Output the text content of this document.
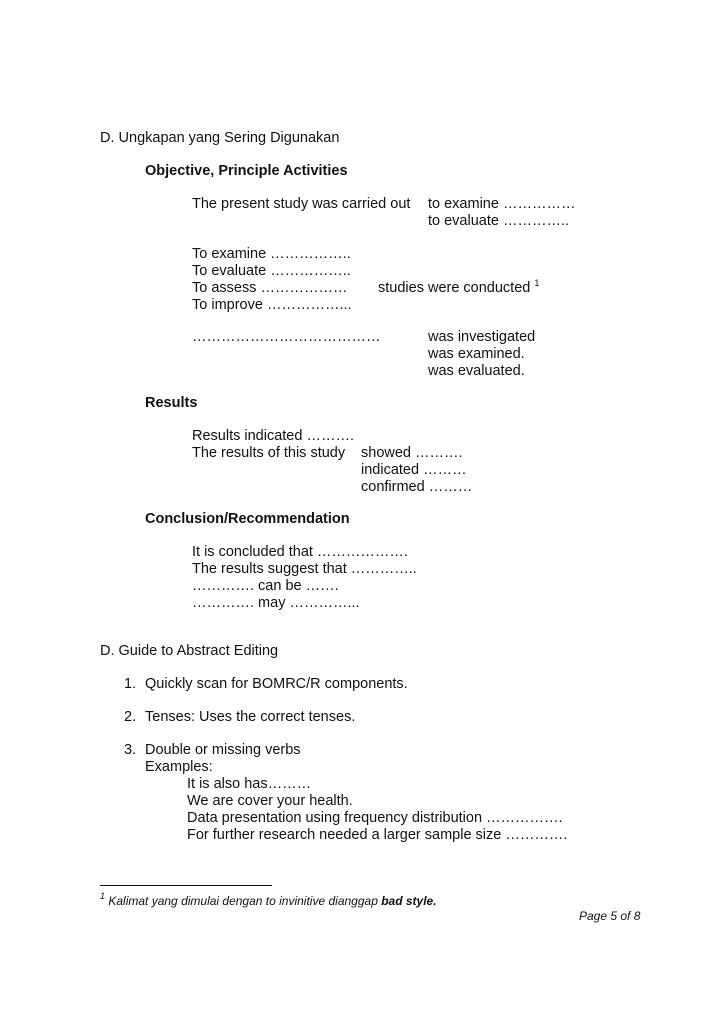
D. Ungkapan yang Sering Digunakan
Objective, Principle Activities
The present study was carried out to examine ……………
to evaluate …………..
To examine ……………..
To evaluate ……………..
To assess ……………… studies were conducted $^1$
To improve ……………...
…………………………………	was investigated
was examined.
was evaluated.
Results
Results indicated ……….
The results of this study showed ……….
indicated ………
confirmed ………
Conclusion/Recommendation
It is concluded that ……………….
The results suggest that …………..
…………. can be …….
…………. may …………...
D. Guide to Abstract Editing
1. Quickly scan for BOMRC/R components.
2. Tenses: Uses the correct tenses.
3. Double or missing verbs
Examples:
It is also has………
We are cover your health.
Data presentation using frequency distribution …………….
For further research needed a larger sample size ………….
$^1$ Kalimat yang dimulai dengan to invinitive dianggap bad style.
Page 5 of 8
